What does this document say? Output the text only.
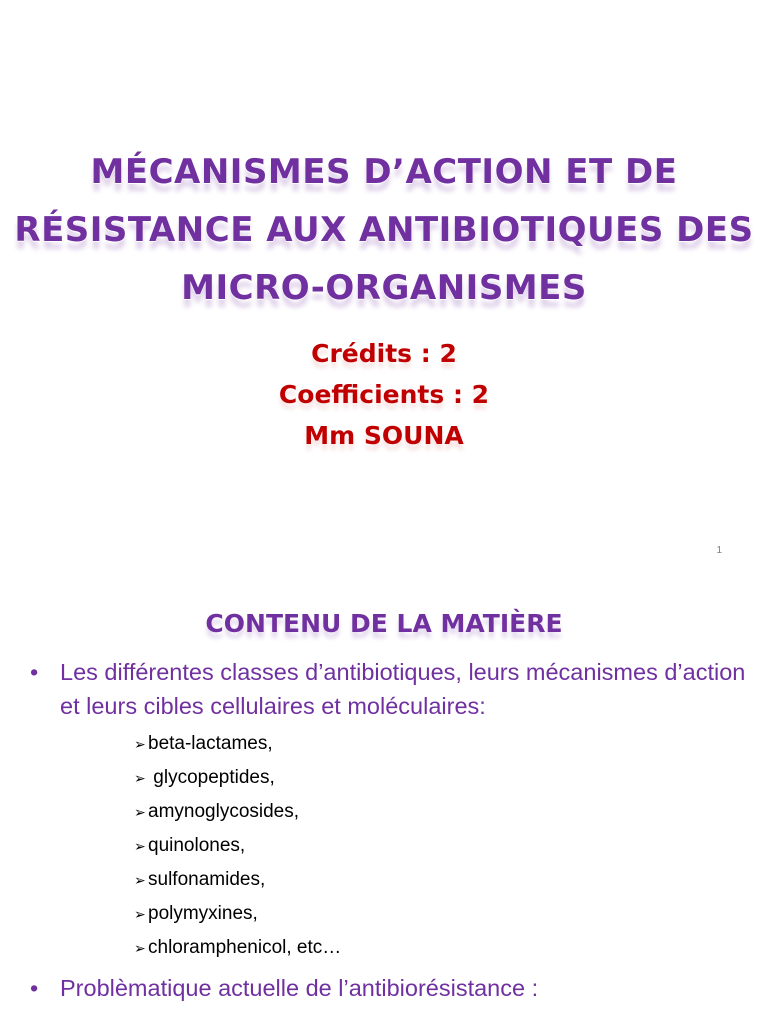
MÉCANISMES D’ACTION ET DE
RÉSISTANCE AUX ANTIBIOTIQUES DES
MICRO-ORGANISMES
Crédits : 2
Coefficients : 2
Mm SOUNA
1
CONTENU DE LA MATIÈRE
• Les différentes classes d’antibiotiques, leurs mécanismes d’action et leurs cibles cellulaires et moléculaires:
➢ beta-lactames,
➢ glycopeptides,
➢ amynoglycosides,
➢ quinolones,
➢ sulfonamides,
➢ polymyxines,
➢ chloramphenicol, etc…
• Problèmatique actuelle de l’antibiorésistance :
